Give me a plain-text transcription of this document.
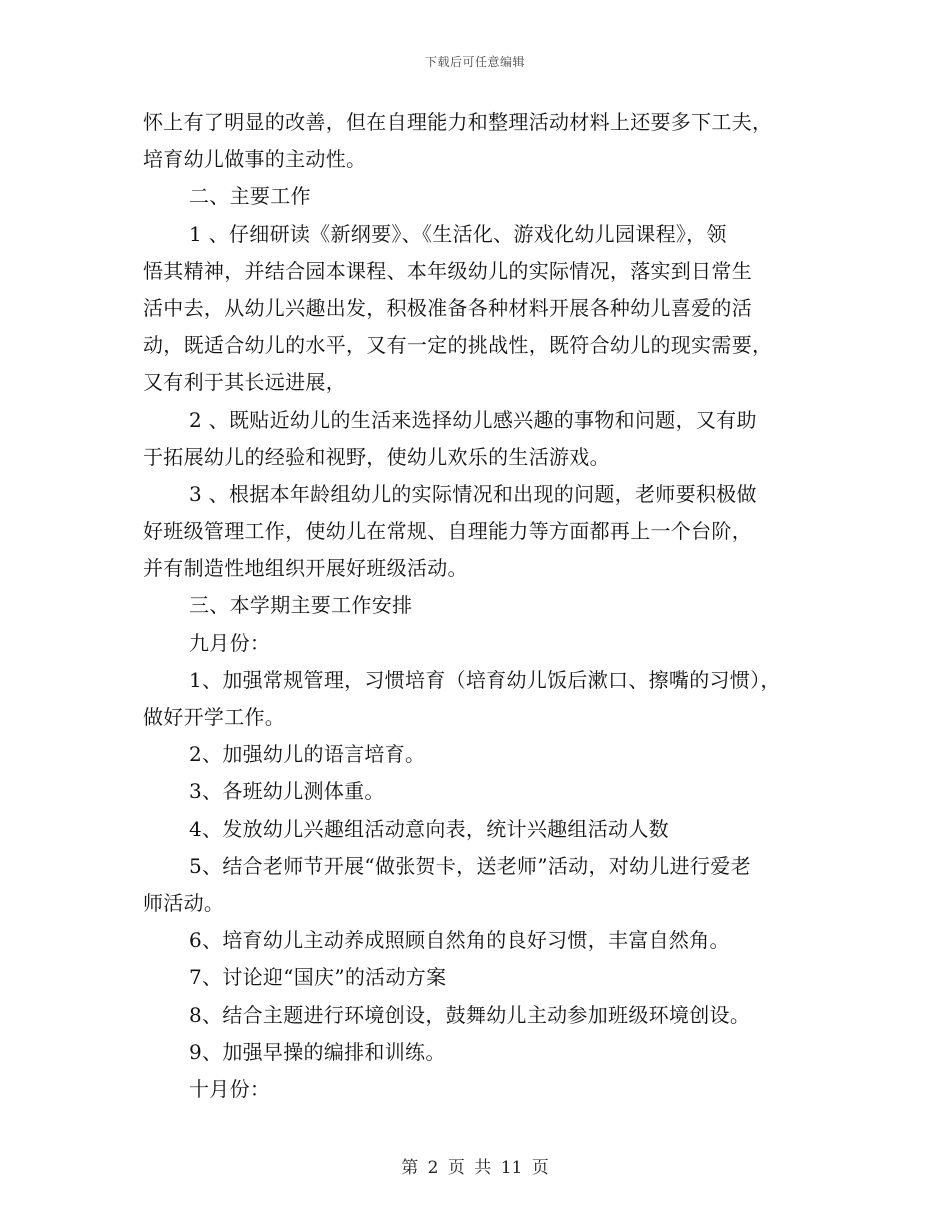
下载后可任意编辑
怀上有了明显的改善，但在自理能力和整理活动材料上还要多下工夫，
培育幼儿做事的主动性。
二、主要工作
1 、仔细研读《新纲要》、《生活化、游戏化幼儿园课程》，领
悟其精神，并结合园本课程、本年级幼儿的实际情况，落实到日常生
活中去，从幼儿兴趣出发，积极准备各种材料开展各种幼儿喜爱的活
动，既适合幼儿的水平，又有一定的挑战性，既符合幼儿的现实需要，
又有利于其长远进展，
2 、既贴近幼儿的生活来选择幼儿感兴趣的事物和问题，又有助
于拓展幼儿的经验和视野，使幼儿欢乐的生活游戏。
3 、根据本年龄组幼儿的实际情况和出现的问题，老师要积极做
好班级管理工作，使幼儿在常规、自理能力等方面都再上一个台阶，
并有制造性地组织开展好班级活动。
三、本学期主要工作安排
九月份：
1、加强常规管理，习惯培育（培育幼儿饭后漱口、擦嘴的习惯），
做好开学工作。
2、加强幼儿的语言培育。
3、各班幼儿测体重。
4、发放幼儿兴趣组活动意向表，统计兴趣组活动人数
5、结合老师节开展“做张贺卡，送老师”活动，对幼儿进行爱老
师活动。
6、培育幼儿主动养成照顾自然角的良好习惯，丰富自然角。
7、讨论迎“国庆”的活动方案
8、结合主题进行环境创设，鼓舞幼儿主动参加班级环境创设。
9、加强早操的编排和训练。
十月份：
第 2 页 共 11 页
